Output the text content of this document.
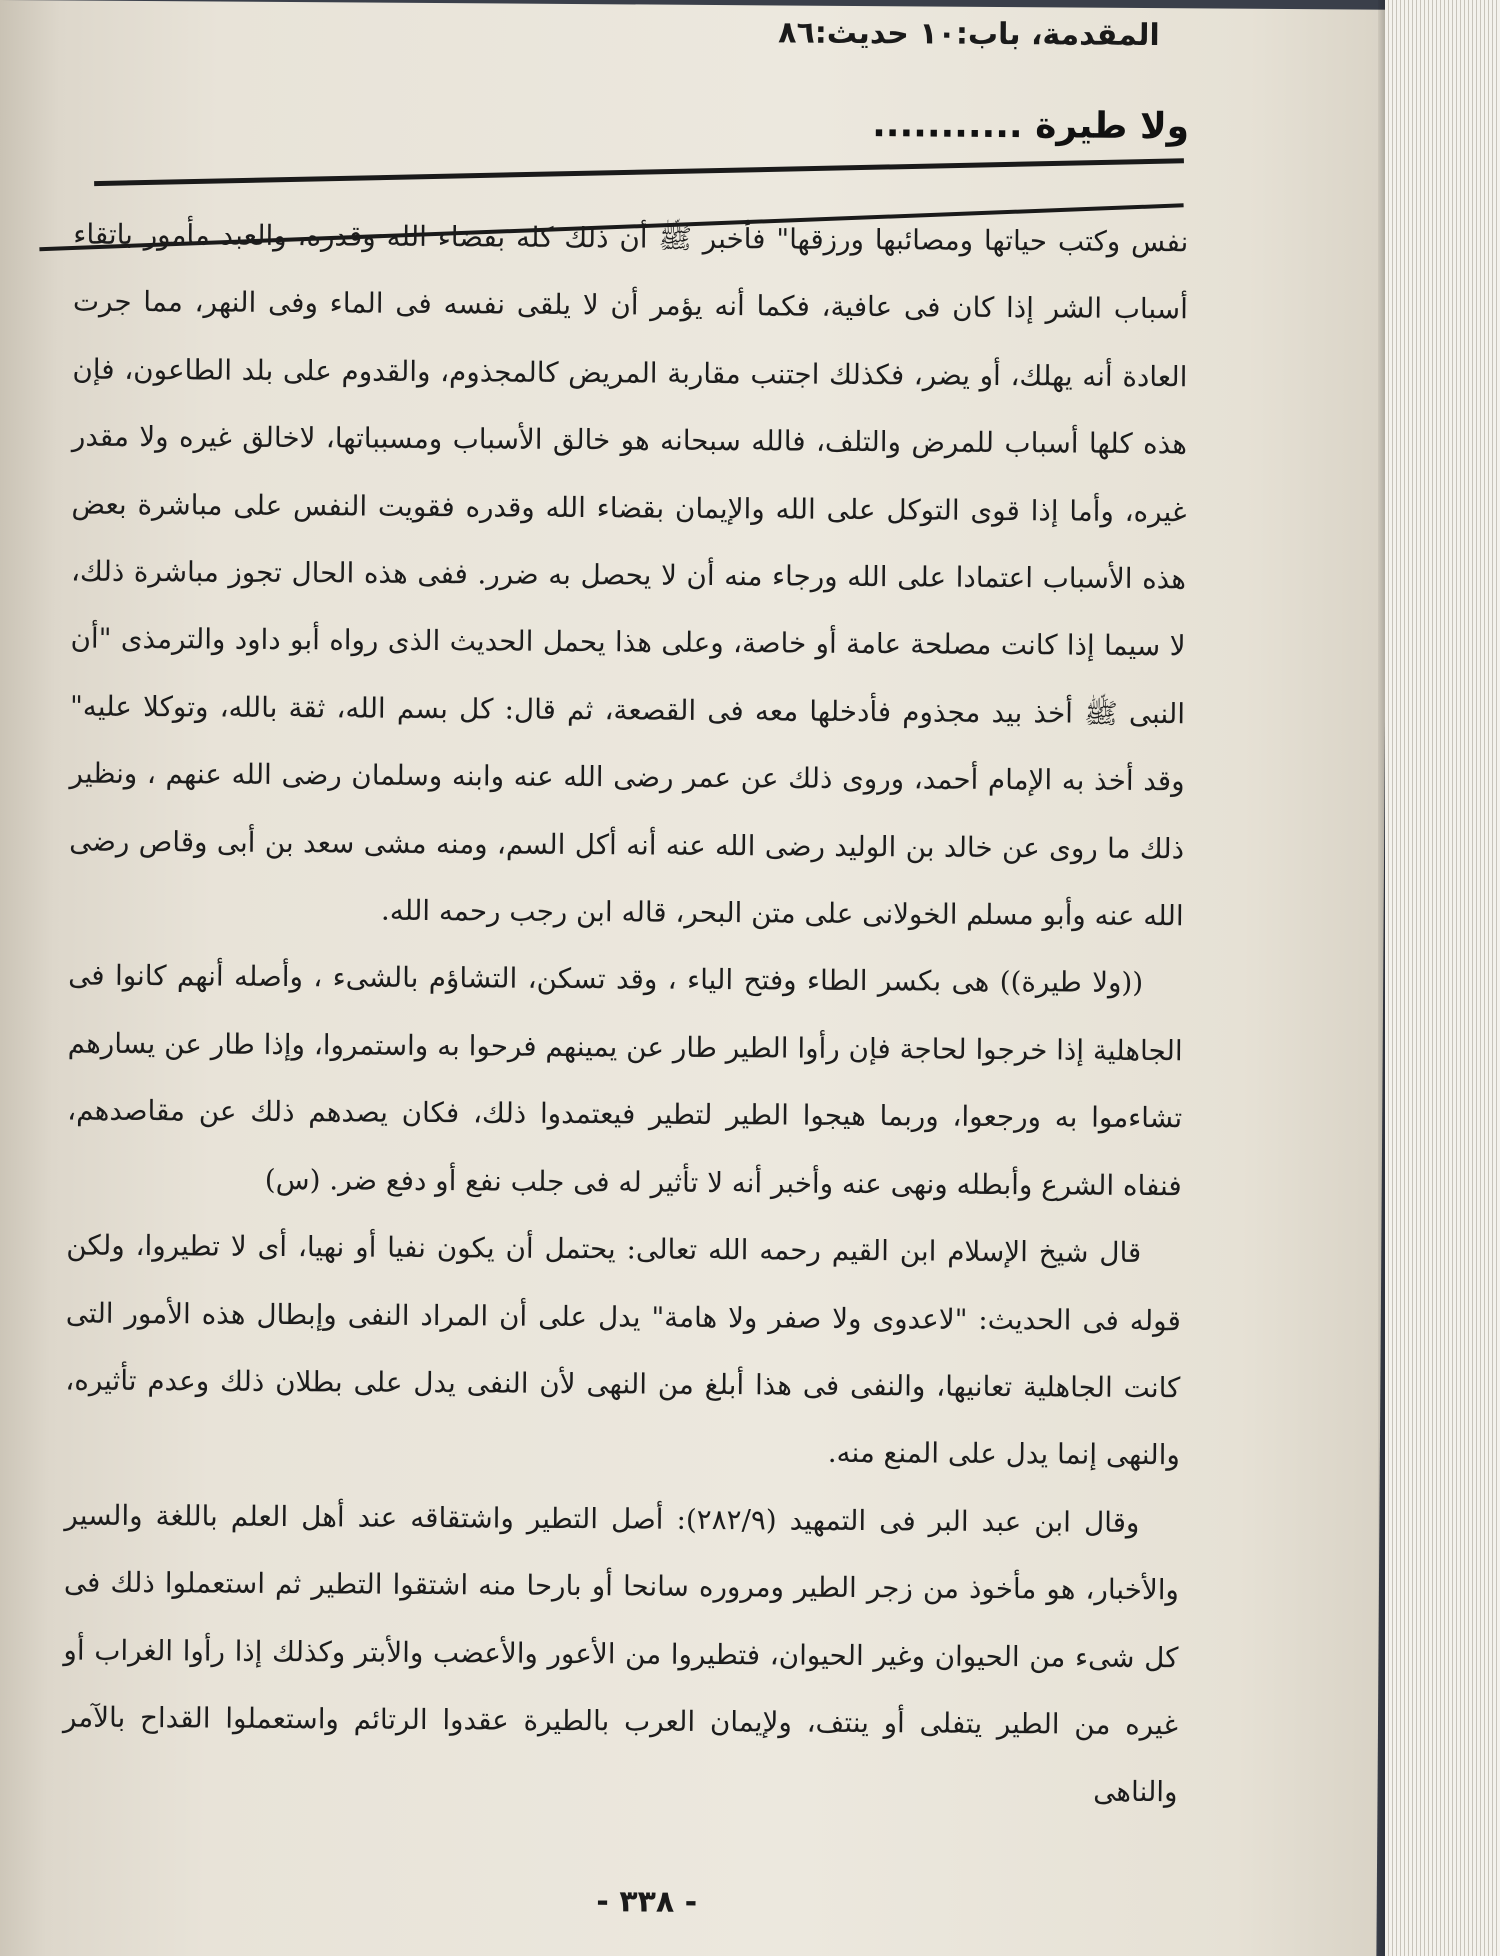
المقدمة، باب:١٠ حديث:٨٦
ولا طيرة ...........

نفس وكتب حياتها ومصائبها ورزقها" فأخبر ﷺ أن ذلك كله بقضاء الله وقدره، والعبد مأمور باتقاء أسباب الشر إذا كان فى عافية، فكما أنه يؤمر أن لا يلقى نفسه فى الماء وفى النهر، مما جرت العادة أنه يهلك، أو يضر، فكذلك اجتنب مقاربة المريض كالمجذوم، والقدوم على بلد الطاعون، فإن هذه كلها أسباب للمرض والتلف، فالله سبحانه هو خالق الأسباب ومسبباتها، لاخالق غيره ولا مقدر غيره، وأما إذا قوى التوكل على الله والإيمان بقضاء الله وقدره فقويت النفس على مباشرة بعض هذه الأسباب اعتمادا على الله ورجاء منه أن لا يحصل به ضرر. ففى هذه الحال تجوز مباشرة ذلك، لا سيما إذا كانت مصلحة عامة أو خاصة، وعلى هذا يحمل الحديث الذى رواه أبو داود والترمذى "أن النبى ﷺ أخذ بيد مجذوم فأدخلها معه فى القصعة، ثم قال: كل بسم الله، ثقة بالله، وتوكلا عليه" وقد أخذ به الإمام أحمد، وروى ذلك عن عمر رضى الله عنه وابنه وسلمان رضى الله عنهم ، ونظير ذلك ما روى عن خالد بن الوليد رضى الله عنه أنه أكل السم، ومنه مشى سعد بن أبى وقاص رضى الله عنه وأبو مسلم الخولانى على متن البحر، قاله ابن رجب رحمه الله.

((ولا طيرة)) هى بكسر الطاء وفتح الياء ، وقد تسكن، التشاؤم بالشىء ، وأصله أنهم كانوا فى الجاهلية إذا خرجوا لحاجة فإن رأوا الطير طار عن يمينهم فرحوا به واستمروا، وإذا طار عن يسارهم تشاءموا به ورجعوا، وربما هيجوا الطير لتطير فيعتمدوا ذلك، فكان يصدهم ذلك عن مقاصدهم، فنفاه الشرع وأبطله ونهى عنه وأخبر أنه لا تأثير له فى جلب نفع أو دفع ضر. (س)

قال شيخ الإسلام ابن القيم رحمه الله تعالى: يحتمل أن يكون نفيا أو نهيا، أى لا تطيروا، ولكن قوله فى الحديث: "لاعدوى ولا صفر ولا هامة" يدل على أن المراد النفى وإبطال هذه الأمور التى كانت الجاهلية تعانيها، والنفى فى هذا أبلغ من النهى لأن النفى يدل على بطلان ذلك وعدم تأثيره، والنهى إنما يدل على المنع منه.

وقال ابن عبد البر فى التمهيد (٢٨٢/٩): أصل التطير واشتقاقه عند أهل العلم باللغة والسير والأخبار، هو مأخوذ من زجر الطير ومروره سانحا أو بارحا منه اشتقوا التطير ثم استعملوا ذلك فى كل شىء من الحيوان وغير الحيوان، فتطيروا من الأعور والأعضب والأبتر وكذلك إذا رأوا الغراب أو غيره من الطير يتفلى أو ينتف، ولإيمان العرب بالطيرة عقدوا الرتائم واستعملوا القداح بالآمر والناهى

- ٣٣٨ -
